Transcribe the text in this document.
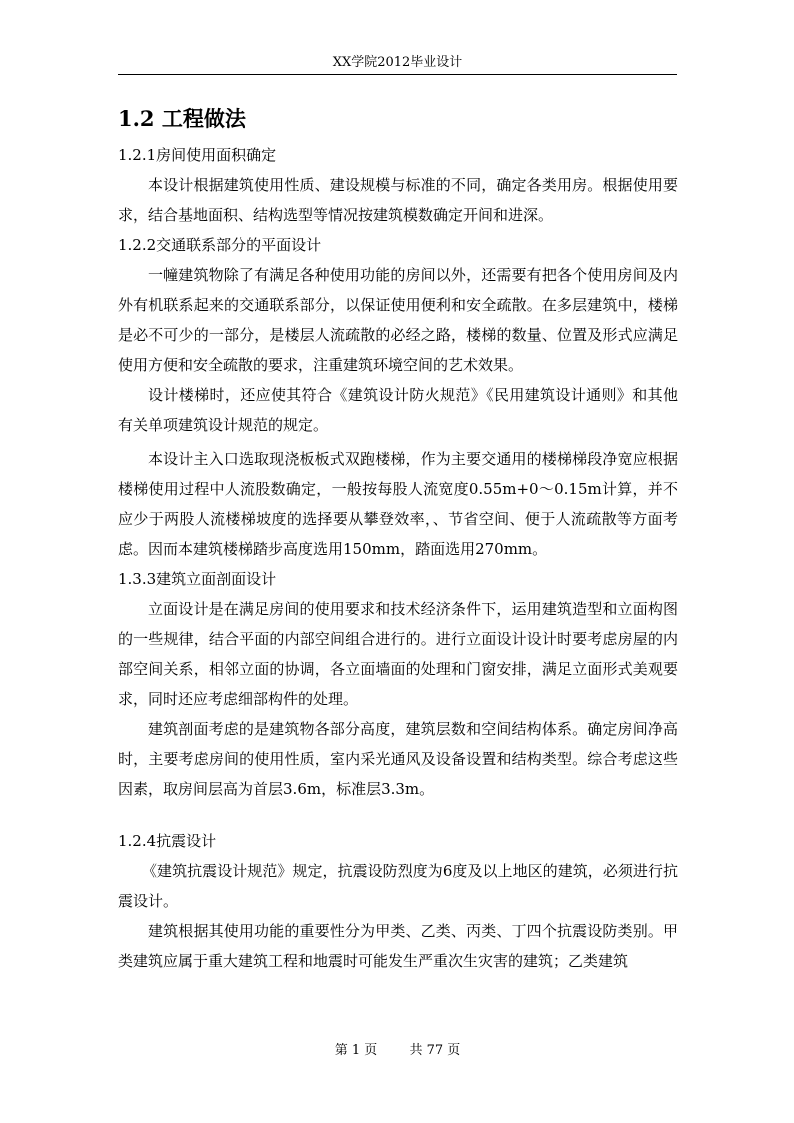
XX学院2012毕业设计
1.2 工程做法
1.2.1房间使用面积确定

本设计根据建筑使用性质、建设规模与标准的不同，确定各类用房。根据使用要求，结合基地面积、结构选型等情况按建筑模数确定开间和进深。

1.2.2交通联系部分的平面设计

一幢建筑物除了有满足各种使用功能的房间以外，还需要有把各个使用房间及内外有机联系起来的交通联系部分，以保证使用便利和安全疏散。在多层建筑中，楼梯是必不可少的一部分，是楼层人流疏散的必经之路，楼梯的数量、位置及形式应满足使用方便和安全疏散的要求，注重建筑环境空间的艺术效果。

设计楼梯时，还应使其符合《建筑设计防火规范》《民用建筑设计通则》和其他有关单项建筑设计规范的规定。

本设计主入口选取现浇板板式双跑楼梯，作为主要交通用的楼梯梯段净宽应根据楼梯使用过程中人流股数确定，一般按每股人流宽度0.55m+0～0.15m计算，并不应少于两股人流楼梯坡度的选择要从攀登效率，、节省空间、便于人流疏散等方面考虑。因而本建筑楼梯踏步高度选用150mm，踏面选用270mm。

1.3.3建筑立面剖面设计

立面设计是在满足房间的使用要求和技术经济条件下，运用建筑造型和立面构图的一些规律，结合平面的内部空间组合进行的。进行立面设计设计时要考虑房屋的内部空间关系，相邻立面的协调，各立面墙面的处理和门窗安排，满足立面形式美观要求，同时还应考虑细部构件的处理。

建筑剖面考虑的是建筑物各部分高度，建筑层数和空间结构体系。确定房间净高时，主要考虑房间的使用性质，室内采光通风及设备设置和结构类型。综合考虑这些因素，取房间层高为首层3.6m，标准层3.3m。

1.2.4抗震设计

《建筑抗震设计规范》规定，抗震设防烈度为6度及以上地区的建筑，必须进行抗震设计。

建筑根据其使用功能的重要性分为甲类、乙类、丙类、丁四个抗震设防类别。甲类建筑应属于重大建筑工程和地震时可能发生严重次生灾害的建筑；乙类建筑

第 1 页 共 77 页
